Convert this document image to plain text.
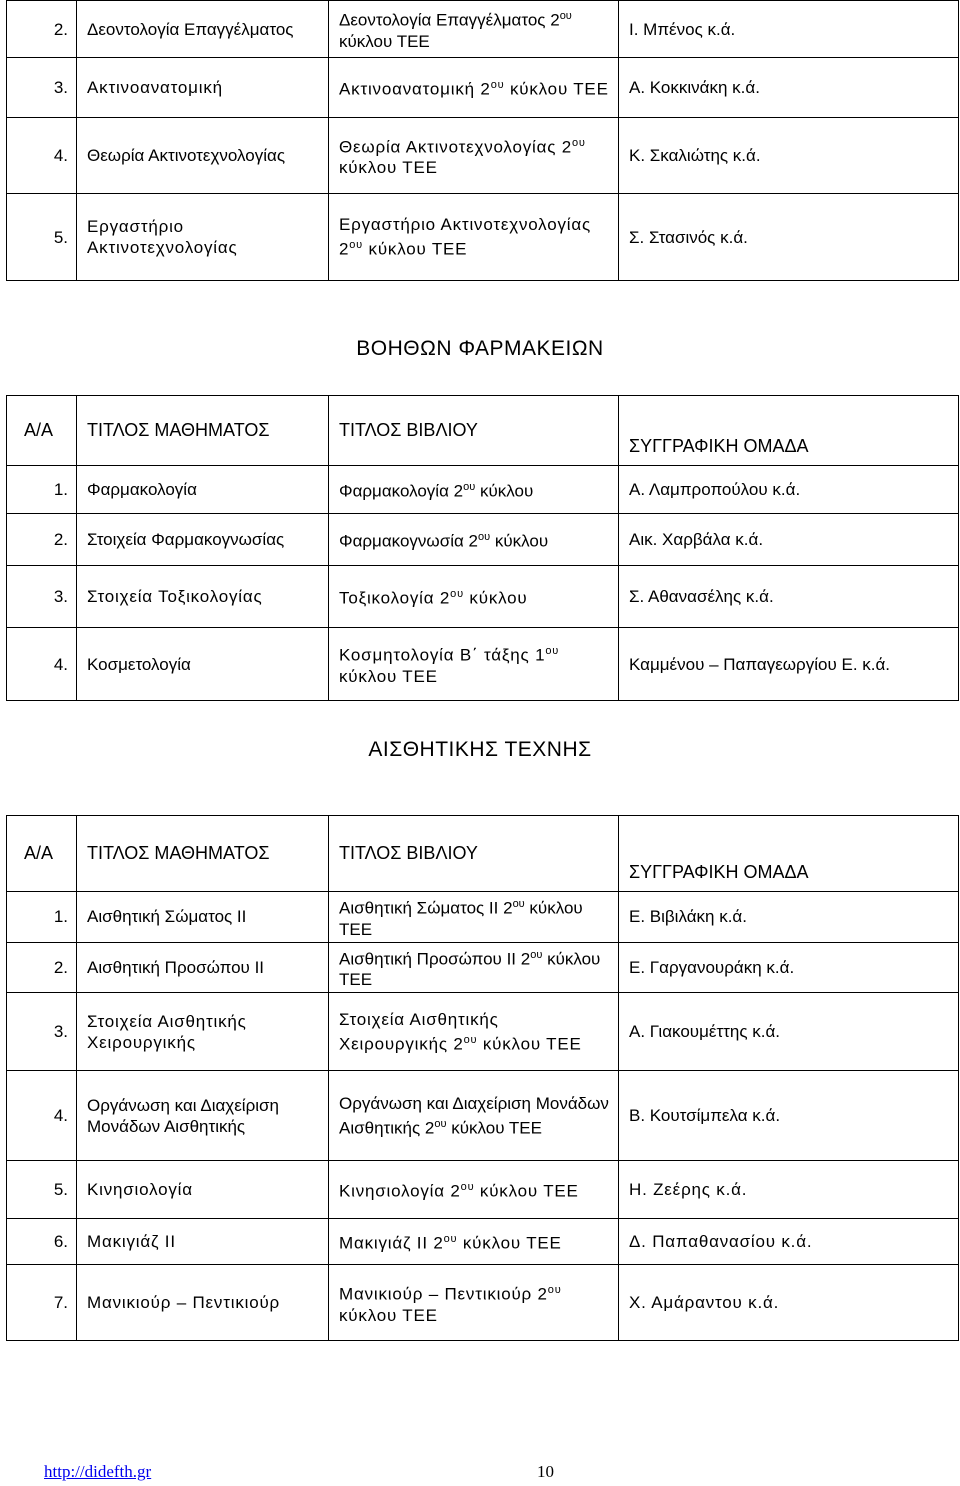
2.	Δεοντολογία Επαγγέλματος	Δεοντολογία Επαγγέλματος $2^{o\upsilon}$ κύκλου ΤΕΕ	Ι. Μπένος κ.ά.
3.	Ακτινοανατομική	Ακτινοανατομική $2^{o\upsilon}$ κύκλου ΤΕΕ	Α. Κοκκινάκη κ.ά.
4.	Θεωρία Ακτινοτεχνολογίας	Θεωρία Ακτινοτεχνολογίας $2^{o\upsilon}$ κύκλου ΤΕΕ	Κ. Σκαλιώτης κ.ά.
5.	Εργαστήριο Ακτινοτεχνολογίας	Εργαστήριο Ακτινοτεχνολογίας $2^{o\upsilon}$ κύκλου ΤΕΕ	Σ. Στασινός κ.ά.
ΒΟΗΘΩΝ ΦΑΡΜΑΚΕΙΩΝ
Α/Α	ΤΙΤΛΟΣ ΜΑΘΗΜΑΤΟΣ	ΤΙΤΛΟΣ ΒΙΒΛΙΟΥ	ΣΥΓΓΡΑΦΙΚΗ ΟΜΑΔΑ
1.	Φαρμακολογία	Φαρμακολογία $2^{o\upsilon}$ κύκλου	Α. Λαμπροπούλου κ.ά.
2.	Στοιχεία Φαρμακογνωσίας	Φαρμακογνωσία $2^{o\upsilon}$ κύκλου	Αικ. Χαρβάλα κ.ά.
3.	Στοιχεία Τοξικολογίας	Τοξικολογία $2^{o\upsilon}$ κύκλου	Σ. Αθανασέλης κ.ά.
4.	Κοσμετολογία	Κοσμητολογία Β΄ τάξης $1^{o\upsilon}$ κύκλου ΤΕΕ	Καμμένου – Παπαγεωργίου Ε. κ.ά.
ΑΙΣΘΗΤΙΚΗΣ ΤΕΧΝΗΣ
Α/Α	ΤΙΤΛΟΣ ΜΑΘΗΜΑΤΟΣ	ΤΙΤΛΟΣ ΒΙΒΛΙΟΥ	ΣΥΓΓΡΑΦΙΚΗ ΟΜΑΔΑ
1.	Αισθητική Σώματος ΙΙ	Αισθητική Σώματος ΙΙ $2^{o\upsilon}$ κύκλου ΤΕΕ	Ε. Βιβιλάκη κ.ά.
2.	Αισθητική Προσώπου ΙΙ	Αισθητική Προσώπου ΙΙ $2^{o\upsilon}$ κύκλου ΤΕΕ	Ε. Γαργανουράκη κ.ά.
3.	Στοιχεία Αισθητικής Χειρουργικής	Στοιχεία Αισθητικής Χειρουργικής $2^{o\upsilon}$ κύκλου ΤΕΕ	Α. Γιακουμέττης κ.ά.
4.	Οργάνωση και Διαχείριση Μονάδων Αισθητικής	Οργάνωση και Διαχείριση Μονάδων Αισθητικής $2^{o\upsilon}$ κύκλου ΤΕΕ	Β. Κουτσίμπελα κ.ά.
5.	Κινησιολογία	Κινησιολογία $2^{o\upsilon}$ κύκλου ΤΕΕ	Η. Ζεέρης κ.ά.
6.	Μακιγιάζ ΙΙ	Μακιγιάζ ΙΙ $2^{o\upsilon}$ κύκλου ΤΕΕ	Δ. Παπαθανασίου κ.ά.
7.	Μανικιούρ – Πεντικιούρ	Μανικιούρ – Πεντικιούρ $2^{o\upsilon}$ κύκλου ΤΕΕ	Χ. Αμάραντου κ.ά.
http://didefth.gr	10
